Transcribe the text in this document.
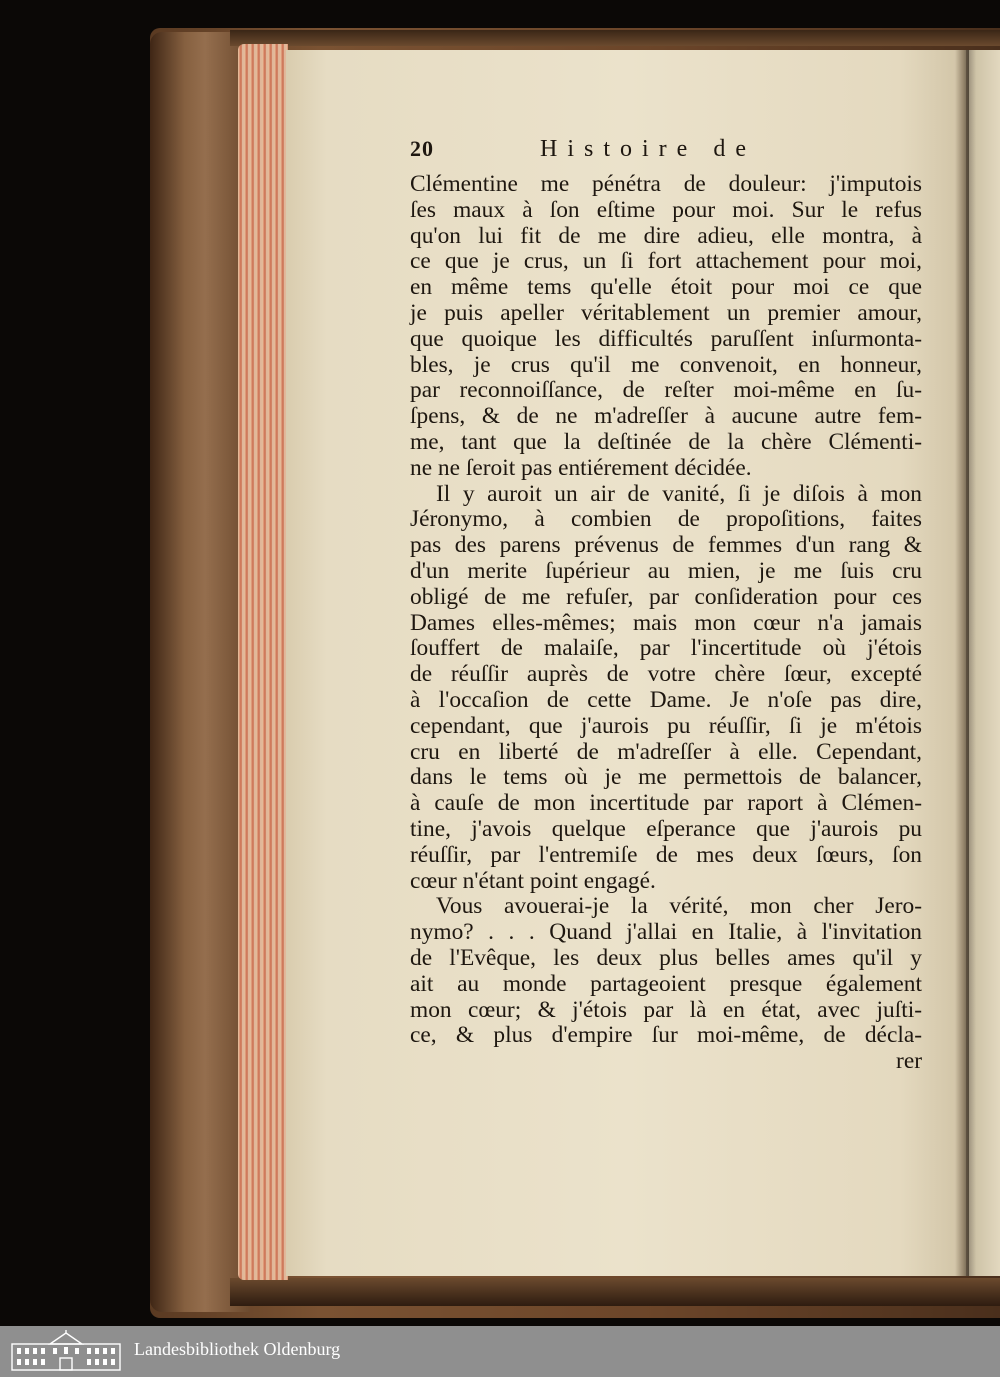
20	Histoire de
Clémentine me pénétra de douleur: j'imputois
ſes maux à ſon eſtime pour moi. Sur le refus
qu'on lui fit de me dire adieu, elle montra, à
ce que je crus, un ſi fort attachement pour moi,
en même tems qu'elle étoit pour moi ce que
je puis apeller véritablement un premier amour,
que quoique les difficultés paruſſent inſurmonta-
bles, je crus qu'il me convenoit, en honneur,
par reconnoiſſance, de reſter moi-même en ſu-
ſpens, & de ne m'adreſſer à aucune autre fem-
me, tant que la deſtinée de la chère Clémenti-
ne ne ſeroit pas entiérement décidée.
Il y auroit un air de vanité, ſi je diſois à mon
Jéronymo, à combien de propoſitions, faites
pas des parens prévenus de femmes d'un rang &
d'un merite ſupérieur au mien, je me ſuis cru
obligé de me refuſer, par conſideration pour ces
Dames elles-mêmes; mais mon cœur n'a jamais
ſouffert de malaiſe, par l'incertitude où j'étois
de réuſſir auprès de votre chère ſœur, excepté
à l'occaſion de cette Dame. Je n'oſe pas dire,
cependant, que j'aurois pu réuſſir, ſi je m'étois
cru en liberté de m'adreſſer à elle. Cependant,
dans le tems où je me permettois de balancer,
à cauſe de mon incertitude par raport à Clémen-
tine, j'avois quelque eſperance que j'aurois pu
réuſſir, par l'entremiſe de mes deux ſœurs, ſon
cœur n'étant point engagé.
Vous avouerai-je la vérité, mon cher Jero-
nymo? . . . Quand j'allai en Italie, à l'invitation
de l'Evêque, les deux plus belles ames qu'il y
ait au monde partageoient presque également
mon cœur; & j'étois par là en état, avec juſti-
ce, & plus d'empire ſur moi-même, de décla-
rer
Landesbibliothek Oldenburg
